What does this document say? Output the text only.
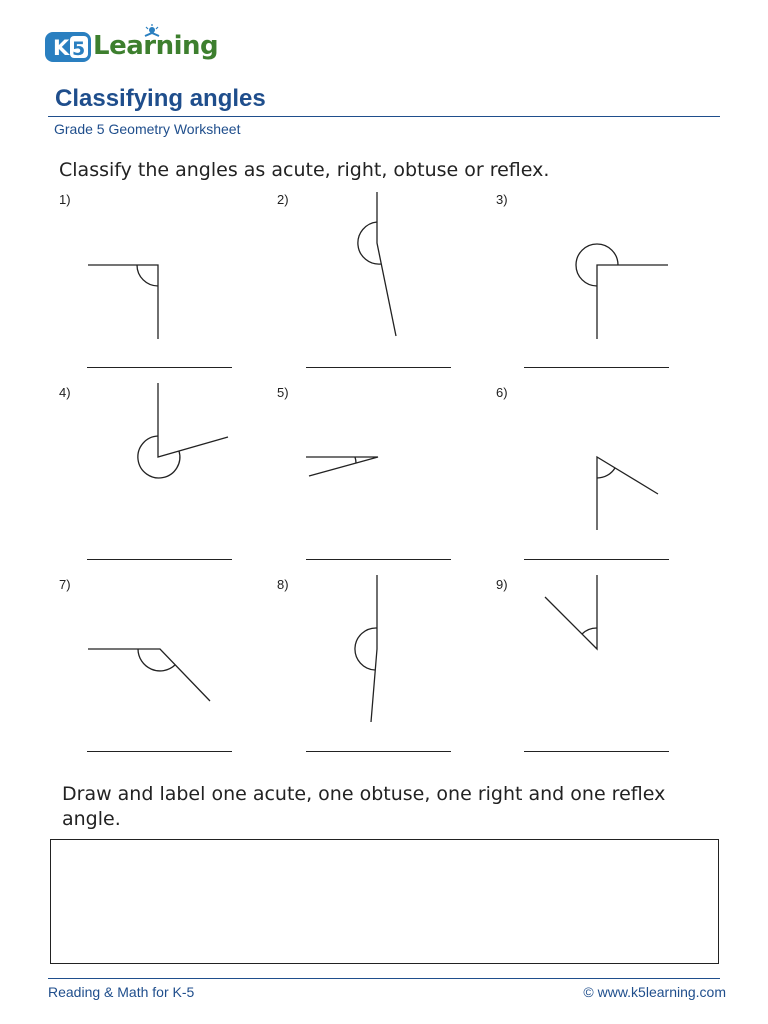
K 5 Learning
Classifying angles
Grade 5 Geometry Worksheet
Classify the angles as acute, right, obtuse or reflex.
1)	2)	3)
4)	5)	6)
7)	8)	9)
Draw and label one acute, one obtuse, one right and one reflex angle.
Reading & Math for K-5	© www.k5learning.com
